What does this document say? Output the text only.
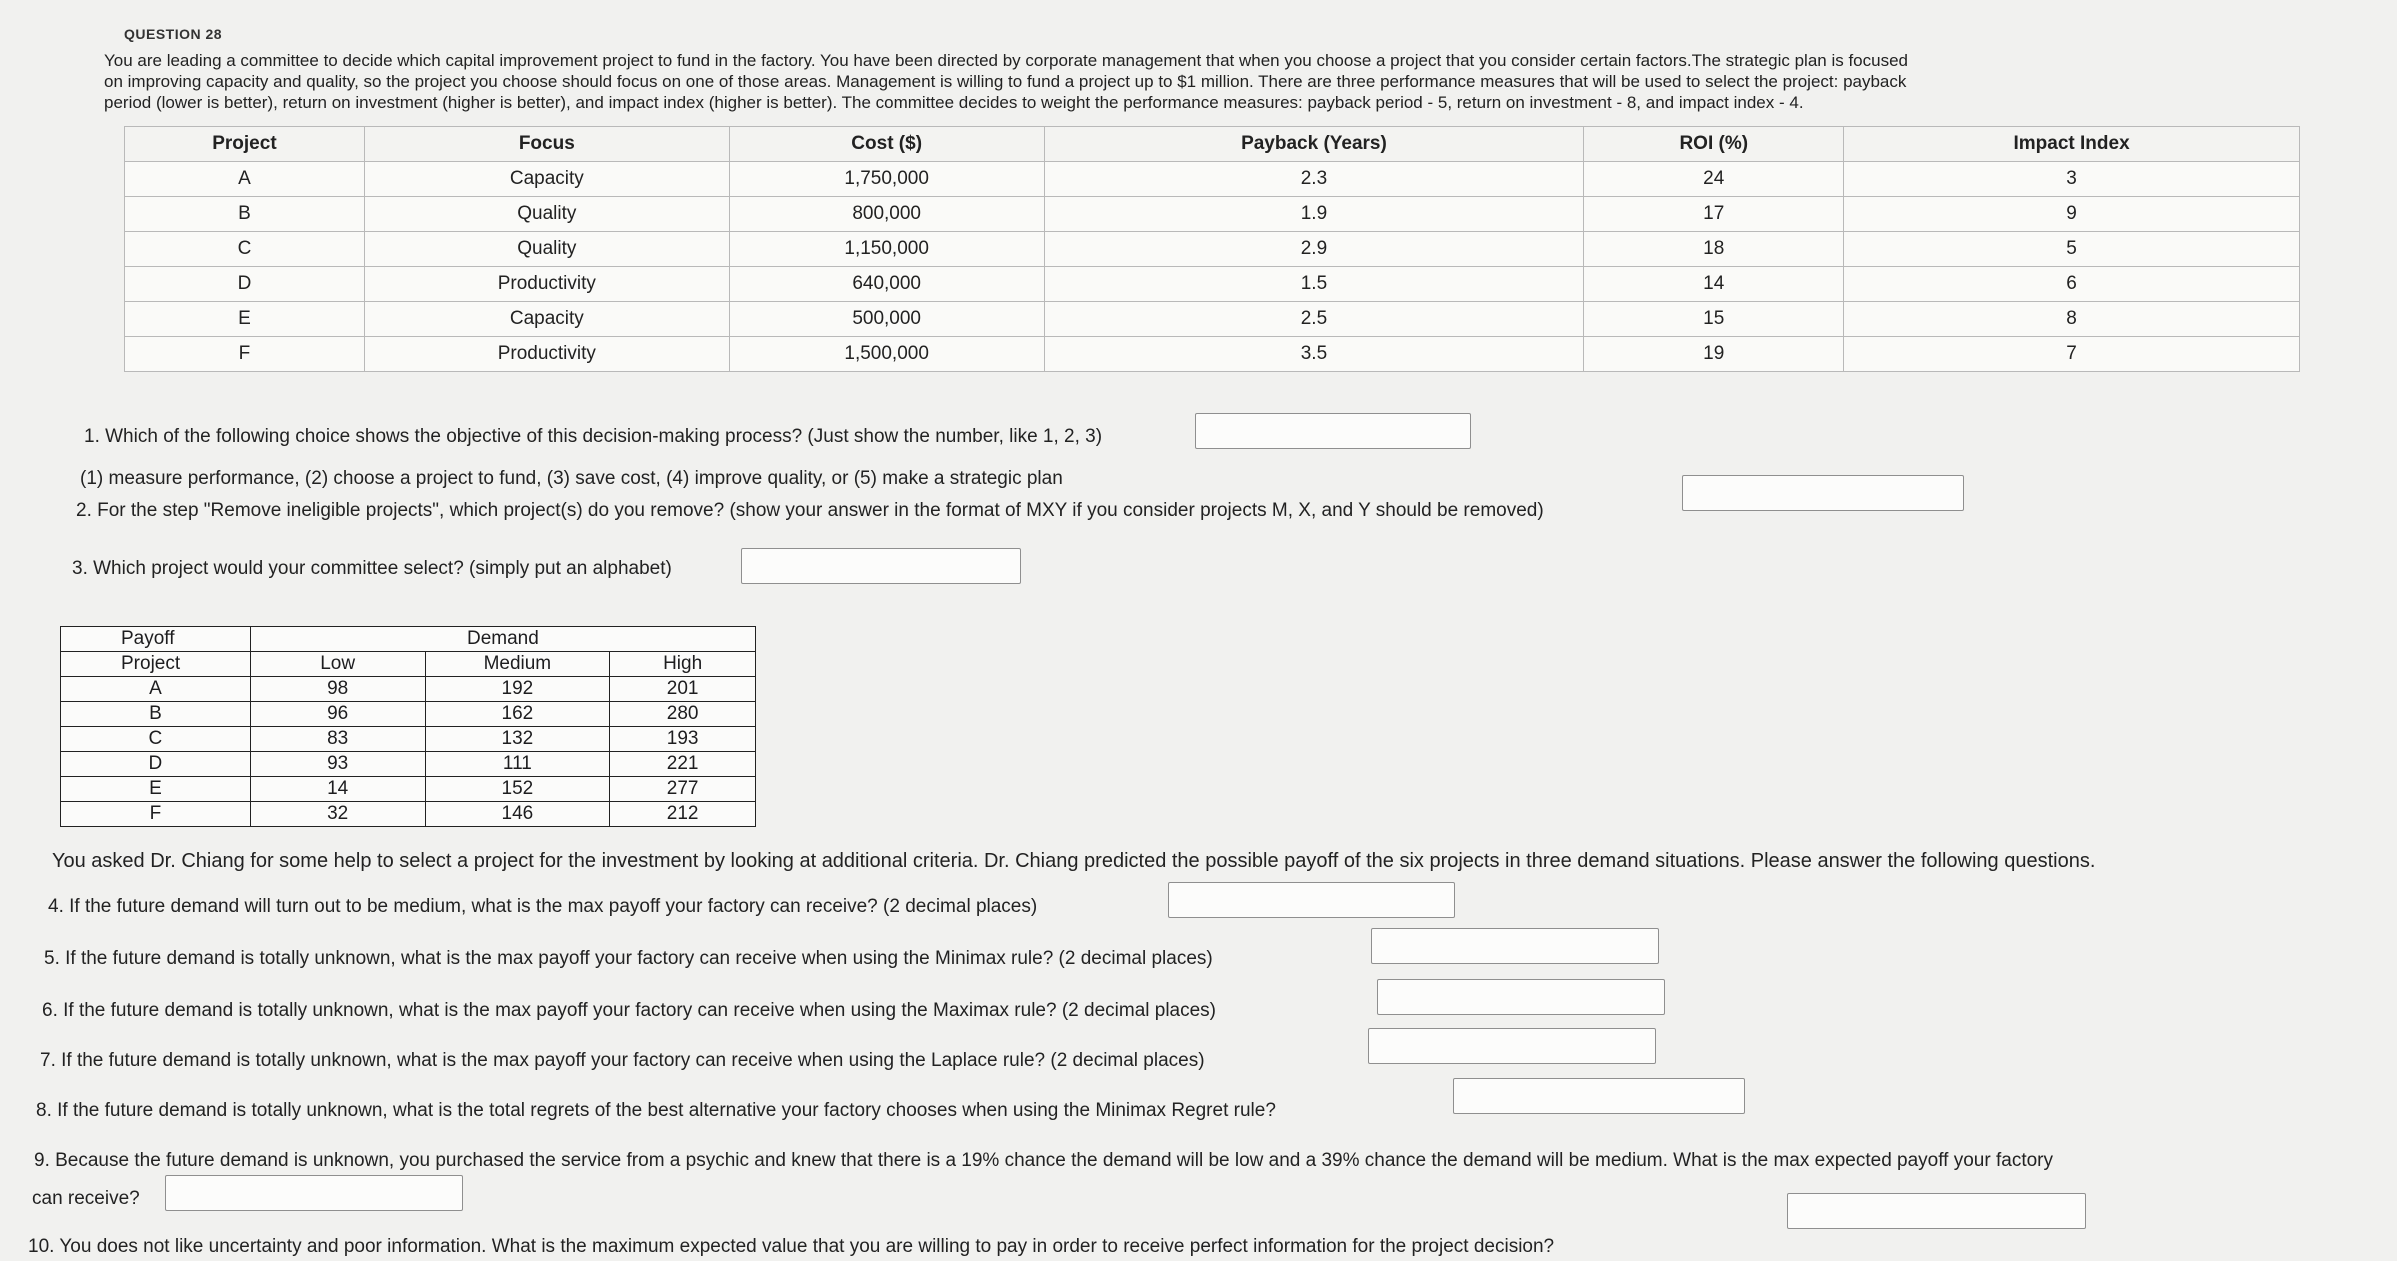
QUESTION 28

You are leading a committee to decide which capital improvement project to fund in the factory. You have been directed by corporate management that when you choose a project that you consider certain factors.The strategic plan is focused

on improving capacity and quality, so the project you choose should focus on one of those areas. Management is willing to fund a project up to $1 million. There are three performance measures that will be used to select the project: payback

period (lower is better), return on investment (higher is better), and impact index (higher is better). The committee decides to weight the performance measures: payback period - 5, return on investment - 8, and impact index - 4.

Project	Focus	Cost ($)	Payback (Years)	ROI (%)	Impact Index
A	Capacity	1,750,000	2.3	24	3
B	Quality	800,000	1.9	17	9
C	Quality	1,150,000	2.9	18	5
D	Productivity	640,000	1.5	14	6
E	Capacity	500,000	2.5	15	8
F	Productivity	1,500,000	3.5	19	7
1. Which of the following choice shows the objective of this decision-making process? (Just show the number, like 1, 2, 3)
(1) measure performance, (2) choose a project to fund, (3) save cost, (4) improve quality, or (5) make a strategic plan
2. For the step "Remove ineligible projects", which project(s) do you remove? (show your answer in the format of MXY if you consider projects M, X, and Y should be removed)
3. Which project would your committee select? (simply put an alphabet)
Payoff	Demand		
Project	Low	Medium	High
A	98	192	201
B	96	162	280
C	83	132	193
D	93	111	221
E	14	152	277
F	32	146	212
You asked Dr. Chiang for some help to select a project for the investment by looking at additional criteria. Dr. Chiang predicted the possible payoff of the six projects in three demand situations. Please answer the following questions.
4. If the future demand will turn out to be medium, what is the max payoff your factory can receive? (2 decimal places)
5. If the future demand is totally unknown, what is the max payoff your factory can receive when using the Minimax rule? (2 decimal places)
6. If the future demand is totally unknown, what is the max payoff your factory can receive when using the Maximax rule? (2 decimal places)
7. If the future demand is totally unknown, what is the max payoff your factory can receive when using the Laplace rule? (2 decimal places)
8. If the future demand is totally unknown, what is the total regrets of the best alternative your factory chooses when using the Minimax Regret rule?
9. Because the future demand is unknown, you purchased the service from a psychic and knew that there is a 19% chance the demand will be low and a 39% chance the demand will be medium. What is the max expected payoff your factory
can receive?
10. You does not like uncertainty and poor information. What is the maximum expected value that you are willing to pay in order to receive perfect information for the project decision?
